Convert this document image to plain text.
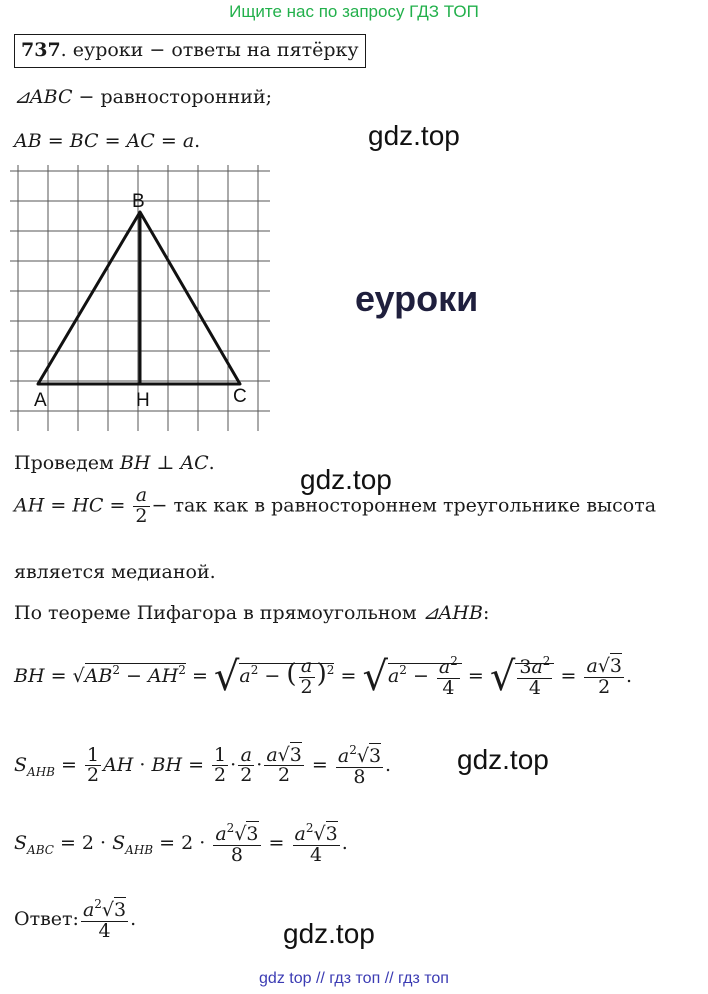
Ищите нас по запросу ГДЗ ТОП
737. еуроки − ответы на пятёрку
⊿ABC − равносторонний;
AB = BC = AC = a.
B
A	H	C
gdz.top
еуроки
gdz.top
gdz.top
gdz.top
Проведем BH ⊥ AC.
AH = HC = $\frac{a}{2}$ − так как в равностороннем треугольнике высота
является медианой.
По теореме Пифагора в прямоугольном ⊿AHB:
BH = $√AB^2 - AH^2 = √a^2$ − ( $\frac{a}{2} )^2 = √a^2 - \frac{a^2}{4}$ = √ $\frac{3a^2}{4} = \frac{a√3}{2}$ .
$S_{AHB} = \frac{1}{2}$ AH · BH = $\frac{1}{2} \cdot \frac{a}{2} \cdot \frac{a√3}{2} = \frac{a^2√3}{8}$ .
$S_{ABC} = 2 \cdot S_{AHB} = 2 \cdot \frac{a^2√3}{8} = \frac{a^2√3}{4}$ .
Ответ: $\frac{a^2√3}{4}$ .
gdz top // гдз топ // гдз топ
